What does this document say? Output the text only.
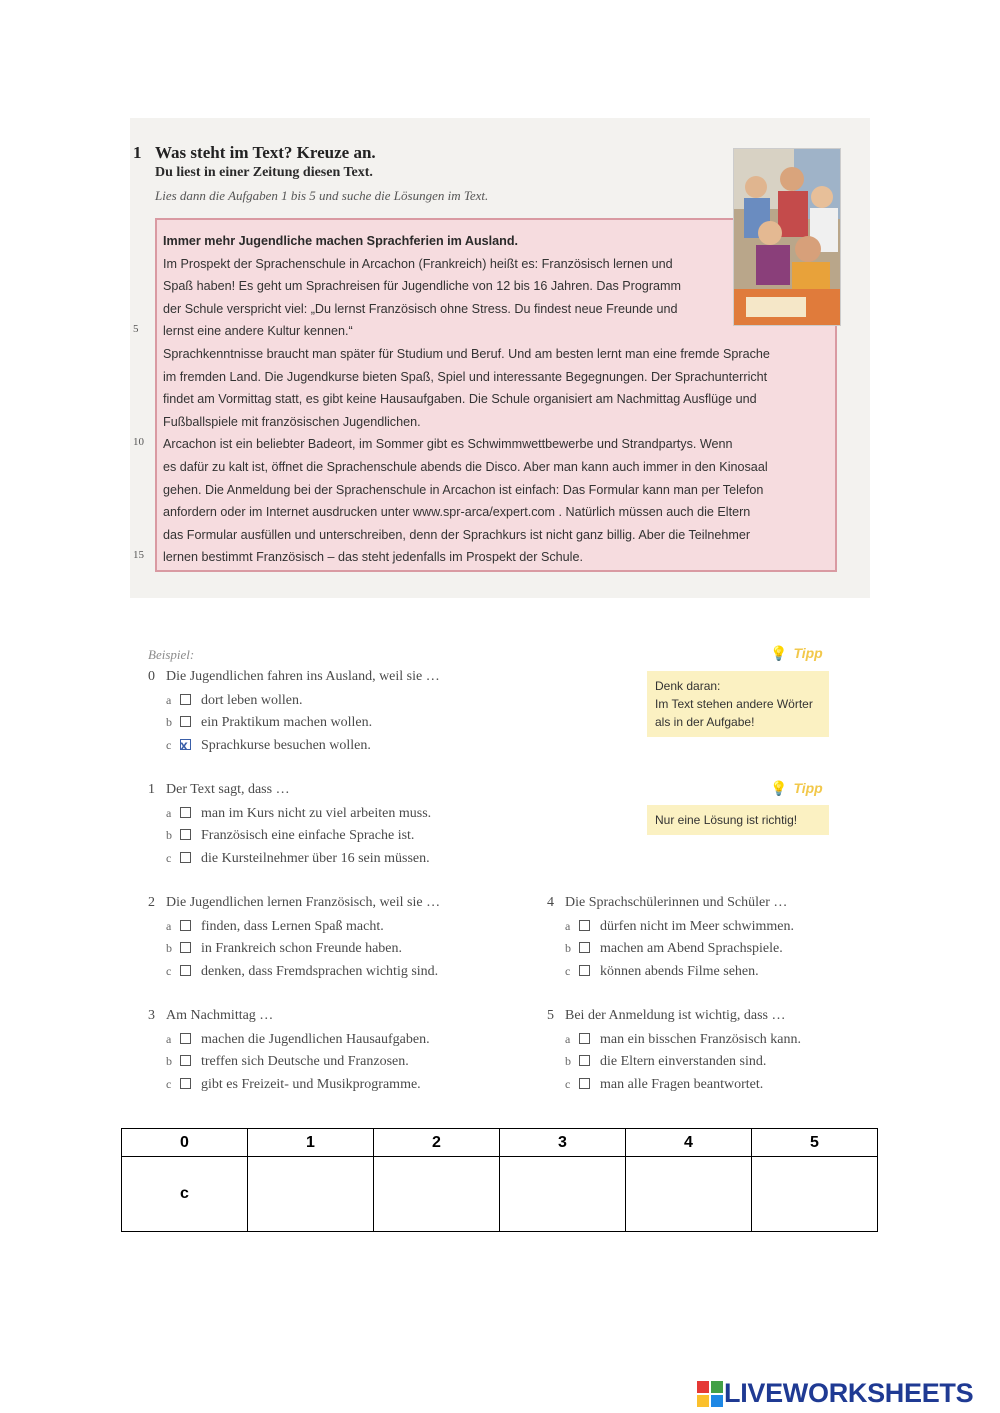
1 Was steht im Text? Kreuze an.
Du liest in einer Zeitung diesen Text.
Lies dann die Aufgaben 1 bis 5 und suche die Lösungen im Text.
Immer mehr Jugendliche machen Sprachferien im Ausland.
Im Prospekt der Sprachenschule in Arcachon (Frankreich) heißt es: Französisch lernen und
Spaß haben! Es geht um Sprachreisen für Jugendliche von 12 bis 16 Jahren. Das Programm
der Schule verspricht viel: „Du lernst Französisch ohne Stress. Du findest neue Freunde und
lernst eine andere Kultur kennen.“
Sprachkenntnisse braucht man später für Studium und Beruf. Und am besten lernt man eine fremde Sprache
im fremden Land. Die Jugendkurse bieten Spaß, Spiel und interessante Begegnungen. Der Sprachunterricht
findet am Vormittag statt, es gibt keine Hausaufgaben. Die Schule organisiert am Nachmittag Ausflüge und
Fußballspiele mit französischen Jugendlichen.
Arcachon ist ein beliebter Badeort, im Sommer gibt es Schwimmwettbewerbe und Strandpartys. Wenn
es dafür zu kalt ist, öffnet die Sprachenschule abends die Disco. Aber man kann auch immer in den Kinosaal
gehen. Die Anmeldung bei der Sprachenschule in Arcachon ist einfach: Das Formular kann man per Telefon
anfordern oder im Internet ausdrucken unter www.spr-arca/expert.com . Natürlich müssen auch die Eltern
das Formular ausfüllen und unterschreiben, denn der Sprachkurs ist nicht ganz billig. Aber die Teilnehmer
lernen bestimmt Französisch – das steht jedenfalls im Prospekt der Schule.
5
10
15
Beispiel:
0 Die Jugendlichen fahren ins Ausland, weil sie …
a dort leben wollen.
b ein Praktikum machen wollen.
c x Sprachkurse besuchen wollen.
1 Der Text sagt, dass …
a man im Kurs nicht zu viel arbeiten muss.
b Französisch eine einfache Sprache ist.
c die Kursteilnehmer über 16 sein müssen.
2 Die Jugendlichen lernen Französisch, weil sie …
a finden, dass Lernen Spaß macht.
b in Frankreich schon Freunde haben.
c denken, dass Fremdsprachen wichtig sind.
3 Am Nachmittag …
a machen die Jugendlichen Hausaufgaben.
b treffen sich Deutsche und Franzosen.
c gibt es Freizeit- und Musikprogramme.
4 Die Sprachschülerinnen und Schüler …
a dürfen nicht im Meer schwimmen.
b machen am Abend Sprachspiele.
c können abends Filme sehen.
5 Bei der Anmeldung ist wichtig, dass …
a man ein bisschen Französisch kann.
b die Eltern einverstanden sind.
c man alle Fragen beantwortet.
💡 Tipp
Denk daran:
Im Text stehen andere Wörter
als in der Aufgabe!
💡 Tipp
Nur eine Lösung ist richtig!
0	1	2	3	4	5
c					
LIVEWORKSHEETS
